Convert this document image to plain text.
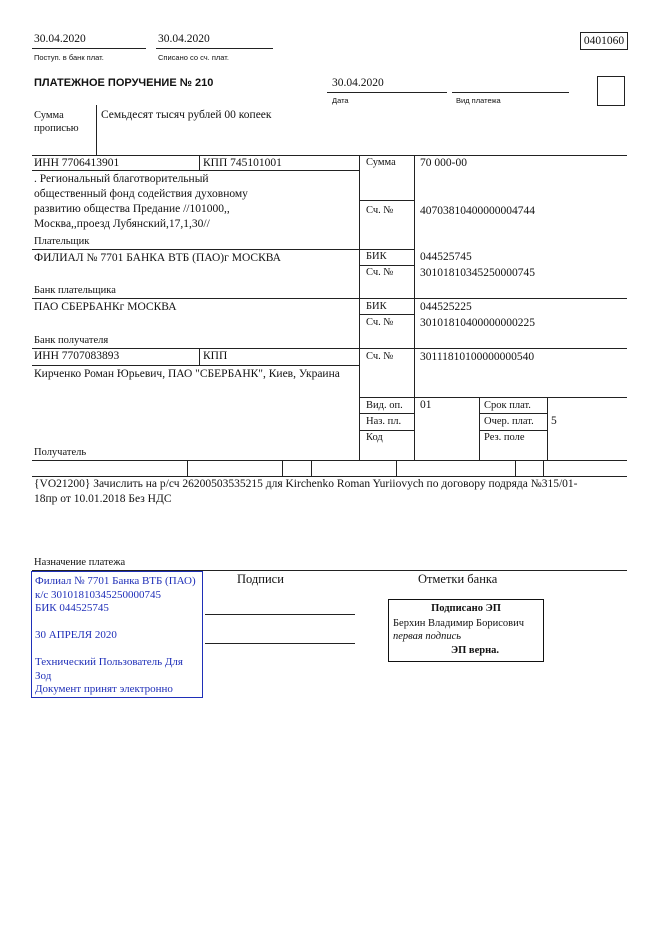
30.04.2020
Поступ. в банк плат.
30.04.2020
Списано со сч. плат.
0401060
ПЛАТЕЖНОЕ ПОРУЧЕНИЕ № 210	30.04.2020
Дата	Вид платежа
Сумма
прописью
Семьдесят тысяч рублей 00 копеек
ИНН 7706413901	КПП 745101001	Сумма 70 000-00
. Региональный благотворительный
общественный фонд содействия духовному
развитию общества Предание //101000,,
Москва,,проезд Лубянский,17,1,30//
Плательщик
Сч. № 40703810400000004744
ФИЛИАЛ № 7701 БАНКА ВТБ (ПАО)г МОСКВА
Банк плательщика
БИК	044525745
Сч. № 30101810345250000745
ПАО СБЕРБАНКг МОСКВА
Банк получателя
БИК	044525225
Сч. № 30101810400000000225
ИНН 7707083893	КПП	Сч. № 30111810100000000540
Кирченко Роман Юрьевич, ПАО "СБЕРБАНК", Киев, Украина
Получатель
Вид. оп. 01	Срок плат.
Наз. пл.	Очер. плат. 5
Код	Рез. поле
{VO21200} Зачислить на р/сч 26200503535215 для Kirchenko Roman Yuriiovych по договору подряда №315/01-
18пр от 10.01.2018 Без НДС
Назначение платежа
Подписи	Отметки банка
Филиал № 7701 Банка ВТБ (ПАО)
к/с 30101810345250000745
БИК 044525745

30 АПРЕЛЯ 2020

Технический Пользователь Для
Зод
Документ принят электронно
Подписано ЭП
Берхин Владимир Борисович
первая подпись
ЭП верна.
